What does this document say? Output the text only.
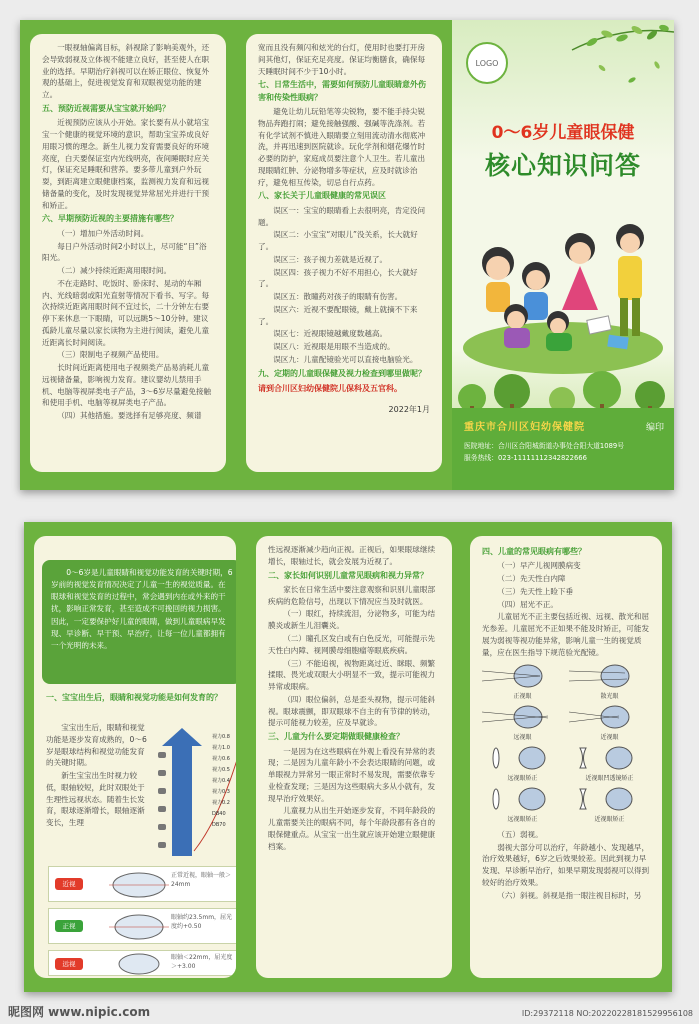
一眼视轴偏离目标，斜视除了影响美观外，还会导致弱视及立体视不能建立良好，甚至使人在职业的选择。早期治疗斜视可以在矫正眼位、恢复外观的基础上，促进视觉发育和双眼视觉功能的建立。

五、预防近视需要从宝宝就开始吗？

近视预防应该从小开始。家长要有从小就培宝宝一个健康的视觉环境的意识，帮助宝宝养成良好用眼习惯的理念。新生儿视力发育需要良好的环境亮度，白天要保证室内光线明亮，夜间睡眠时应关灯，保证充足睡眠和营养。要多带儿童到户外玩耍，到距离建立眼健康档案，监测视力发育和远视储备量的变化，及时发现视觉异常屈光并进行干预和矫正。

六、早期预防近视的主要措施有哪些？

（一）增加户外活动时间。

每日户外活动时间2小时以上，尽可能“目”浴阳光。

（二）减少持续近距离用眼时间。

不在走路时、吃饭时、卧床时、晃动的车厢内、光线暗弱或阳光直射等情况下看书、写字。每次持续近距离用眼时间不宜过长，二十分钟左右要停下来休息一下眼睛，可以远眺5～10分钟。建议孤龄儿童尽量以家长读物为主进行阅读，避免儿童近距离长时间阅读。

（三）限制电子视频产品使用。

长时间近距离使用电子视频类产品易消耗儿童远视储备量，影响视力发育。建议婴幼儿禁用手机、电脑等视屏类电子产品，3～6岁尽量避免接触和使用手机、电脑等视屏类电子产品。

（四）其他措施。要选择有足够亮度、频谱

宽而且没有频闪和炫光的台灯，使用时也要打开房间其他灯，保证充足亮度。保证均衡膳食，确保每天睡眠时间不少于10小时。

七、日常生活中，需要如何预防儿童眼睛意外伤害和传染性眼病？

避免让幼儿玩铅笔等尖锐物，要不能手持尖锐物品奔跑打闹；避免接触强酸、强碱等洗涤剂。若有化学试剂不慎进入眼睛要立刻用流动清水彻底冲洗，并再迅速到医院就诊。玩化学剂和烟花爆竹时必要的防护，家庭成员要注意个人卫生。若儿童出现眼睛红肿、分泌物增多等症状，应及时就诊治疗，避免相互传染，切忌自行点药。

八、家长关于儿童眼健康的常见误区

误区一：宝宝的眼睛看上去很明亮，肯定没问题。

误区二：小宝宝“对眼儿”没关系，长大就好了。

误区三：孩子视力差就是近视了。

误区四：孩子视力不好不用担心，长大就好了。

误区五：散瞳药对孩子的眼睛有伤害。

误区六：近视不要配眼镜，戴上就摘不下来了。

误区七：近视眼镜越戴度数越高。

误区八：近视眼是用眼不当造成的。

误区九：儿童配镜验光可以直接电脑验光。

九、定期的儿童眼保健及视力检查到哪里做呢？
请到合川区妇幼保健院儿保科及五官科。
2022年1月
LOGO
0～6岁儿童眼保健
核心知识问答
重庆市合川区妇幼保健院	编印
医院地址：合川区合阳城街道办事处合阳大道1089号
服务热线：023-11111112342822666

0～6岁是儿童眼睛和视觉功能发育的关键时期，6岁前的视觉发育情况决定了儿童一生的视觉质量。在眼球和视觉发育的过程中，常会遇到内在或外来的干扰，影响正常发育，甚至造成不可挽回的视力损害。因此，一定要保护好儿童的眼睛，做到儿童眼病早发现、早诊断、早干预、早治疗，让每一位儿童都拥有一个光明的未来。

一、宝宝出生后，眼睛和视觉功能是如何发育的？

宝宝出生后，眼睛和视觉功能是逐步发育成熟的，0～6岁是眼球结构和视觉功能发育的关键时期。

新生宝宝出生时视力较低，眼轴较短，此时双眼处于生理性远视状态。随着生长发育，眼球逐渐增长，眼轴逐渐变长，生理

视力0.8
视力1.0
视力0.6
视力0.5
视力0.4
视力0.3
视力0.2
DB40
DB70
近视
正常近视，眼轴一般＞24mm
正视
眼轴约23.5mm，屈光度约+0.50
远视
眼轴＜22mm，屈光度＞+3.00

性远视逐渐减少趋向正视。正视后，如果眼球继续增长，眼轴过长，就会发展为近视了。

二、家长如何识别儿童常见眼病和视力异常？

家长在日常生活中要注意观察和识别儿童眼部疾病的危险信号，出现以下情况应当及时就医。

（一）眼红，持续流泪，分泌物多，可能为结膜炎或新生儿泪囊炎。

（二）瞳孔区发白或有白色反光，可能提示先天性白内障、视网膜母细胞瘤等眼底疾病。

（三）不能追视，视物距离过近、眯眼、频繁揉眼、畏光或双眼大小明显不一致，提示可能视力异常或眼病。

（四）眼位偏斜，总是歪头视物，提示可能斜视。眼球震颤，即双眼球不自主的有节律的转动，提示可能视力较差，应及早就诊。

三、儿童为什么要定期做眼健康检查？

一是因为在这些眼病在外观上看没有异常的表现；二是因为儿童年龄小不会表达眼睛的问题，或单眼视力异常另一眼正常时不易发现，需要依靠专业检查发现；三是因为这些眼病大多从小就有，发现早治疗效果好。

儿童视力从出生开始逐步发育，不同年龄段的儿童需要关注的眼病不同，每个年龄段都有各自的眼保健重点。从宝宝一出生就应该开始建立眼健康档案。

四、儿童的常见眼病有哪些？

（一）早产儿视网膜病变

（二）先天性白内障

（三）先天性上睑下垂

（四）屈光不正。

儿童屈光不正主要包括近视、远视、散光和屈光参差。儿童屈光不正如果不能及时矫正，可能发展为弱视等视功能异常，影响儿童一生的视觉质量，应在医生指导下规范验光配镜。

正视眼	散光眼
远视眼	近视眼
远视眼矫正	近视眼凹透镜矫正
远视眼矫正	近视眼矫正

（五）弱视。

弱视大部分可以治疗，年龄越小、发现越早，治疗效果越好，6岁之后效果较差。因此到视力早发现、早诊断早治疗，如果早期发现弱视可以得到较好的治疗效果。

（六）斜视。斜视是指一眼注视目标时，另

昵图网 www.nipic.com	ID:29372118 NO:20220228181529956108
